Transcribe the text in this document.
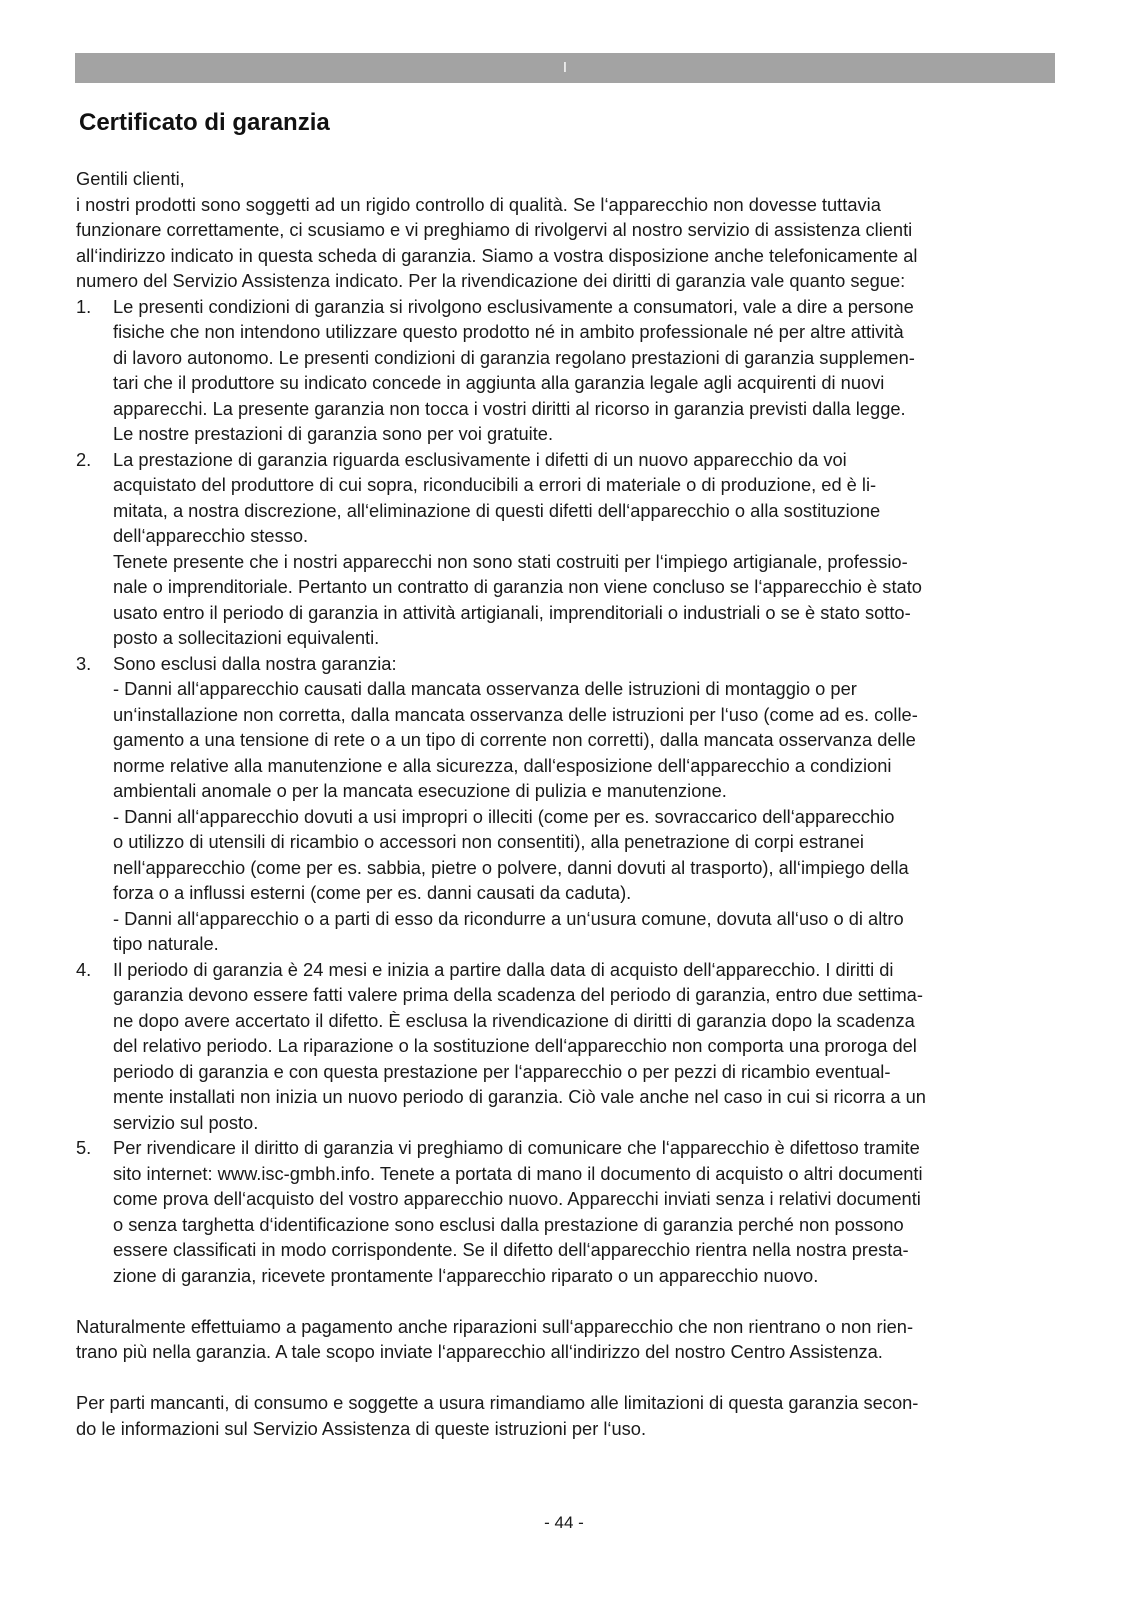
I
Certificato di garanzia

Gentili clienti,

i nostri prodotti sono soggetti ad un rigido controllo di qualità. Se l‘apparecchio non dovesse tuttavia
funzionare correttamente, ci scusiamo e vi preghiamo di rivolgervi al nostro servizio di assistenza clienti
all‘indirizzo indicato in questa scheda di garanzia. Siamo a vostra disposizione anche telefonicamente al
numero del Servizio Assistenza indicato. Per la rivendicazione dei diritti di garanzia vale quanto segue:

1. Le presenti condizioni di garanzia si rivolgono esclusivamente a consumatori, vale a dire a persone
fisiche che non intendono utilizzare questo prodotto né in ambito professionale né per altre attività
di lavoro autonomo. Le presenti condizioni di garanzia regolano prestazioni di garanzia supplemen-
tari che il produttore su indicato concede in aggiunta alla garanzia legale agli acquirenti di nuovi
apparecchi. La presente garanzia non tocca i vostri diritti al ricorso in garanzia previsti dalla legge.
Le nostre prestazioni di garanzia sono per voi gratuite.
2. La prestazione di garanzia riguarda esclusivamente i difetti di un nuovo apparecchio da voi
acquistato del produttore di cui sopra, riconducibili a errori di materiale o di produzione, ed è li-
mitata, a nostra discrezione, all‘eliminazione di questi difetti dell‘apparecchio o alla sostituzione
dell‘apparecchio stesso.
Tenete presente che i nostri apparecchi non sono stati costruiti per l‘impiego artigianale, professio-
nale o imprenditoriale. Pertanto un contratto di garanzia non viene concluso se l‘apparecchio è stato
usato entro il periodo di garanzia in attività artigianali, imprenditoriali o industriali o se è stato sotto-
posto a sollecitazioni equivalenti.
3. Sono esclusi dalla nostra garanzia:
- Danni all‘apparecchio causati dalla mancata osservanza delle istruzioni di montaggio o per
un‘installazione non corretta, dalla mancata osservanza delle istruzioni per l‘uso (come ad es. colle-
gamento a una tensione di rete o a un tipo di corrente non corretti), dalla mancata osservanza delle
norme relative alla manutenzione e alla sicurezza, dall‘esposizione dell‘apparecchio a condizioni
ambientali anomale o per la mancata esecuzione di pulizia e manutenzione.
- Danni all‘apparecchio dovuti a usi impropri o illeciti (come per es. sovraccarico dell‘apparecchio
o utilizzo di utensili di ricambio o accessori non consentiti), alla penetrazione di corpi estranei
nell‘apparecchio (come per es. sabbia, pietre o polvere, danni dovuti al trasporto), all‘impiego della
forza o a influssi esterni (come per es. danni causati da caduta).
- Danni all‘apparecchio o a parti di esso da ricondurre a un‘usura comune, dovuta all‘uso o di altro
tipo naturale.
4. Il periodo di garanzia è 24 mesi e inizia a partire dalla data di acquisto dell‘apparecchio. I diritti di
garanzia devono essere fatti valere prima della scadenza del periodo di garanzia, entro due settima-
ne dopo avere accertato il difetto. È esclusa la rivendicazione di diritti di garanzia dopo la scadenza
del relativo periodo. La riparazione o la sostituzione dell‘apparecchio non comporta una proroga del
periodo di garanzia e con questa prestazione per l‘apparecchio o per pezzi di ricambio eventual-
mente installati non inizia un nuovo periodo di garanzia. Ciò vale anche nel caso in cui si ricorra a un
servizio sul posto.
5. Per rivendicare il diritto di garanzia vi preghiamo di comunicare che l‘apparecchio è difettoso tramite
sito internet: www.isc-gmbh.info. Tenete a portata di mano il documento di acquisto o altri documenti
come prova dell‘acquisto del vostro apparecchio nuovo. Apparecchi inviati senza i relativi documenti
o senza targhetta d‘identificazione sono esclusi dalla prestazione di garanzia perché non possono
essere classificati in modo corrispondente. Se il difetto dell‘apparecchio rientra nella nostra presta-
zione di garanzia, ricevete prontamente l‘apparecchio riparato o un apparecchio nuovo.

Naturalmente effettuiamo a pagamento anche riparazioni sull‘apparecchio che non rientrano o non rien-
trano più nella garanzia. A tale scopo inviate l‘apparecchio all‘indirizzo del nostro Centro Assistenza.

Per parti mancanti, di consumo e soggette a usura rimandiamo alle limitazioni di questa garanzia secon-
do le informazioni sul Servizio Assistenza di queste istruzioni per l‘uso.

- 44 -
